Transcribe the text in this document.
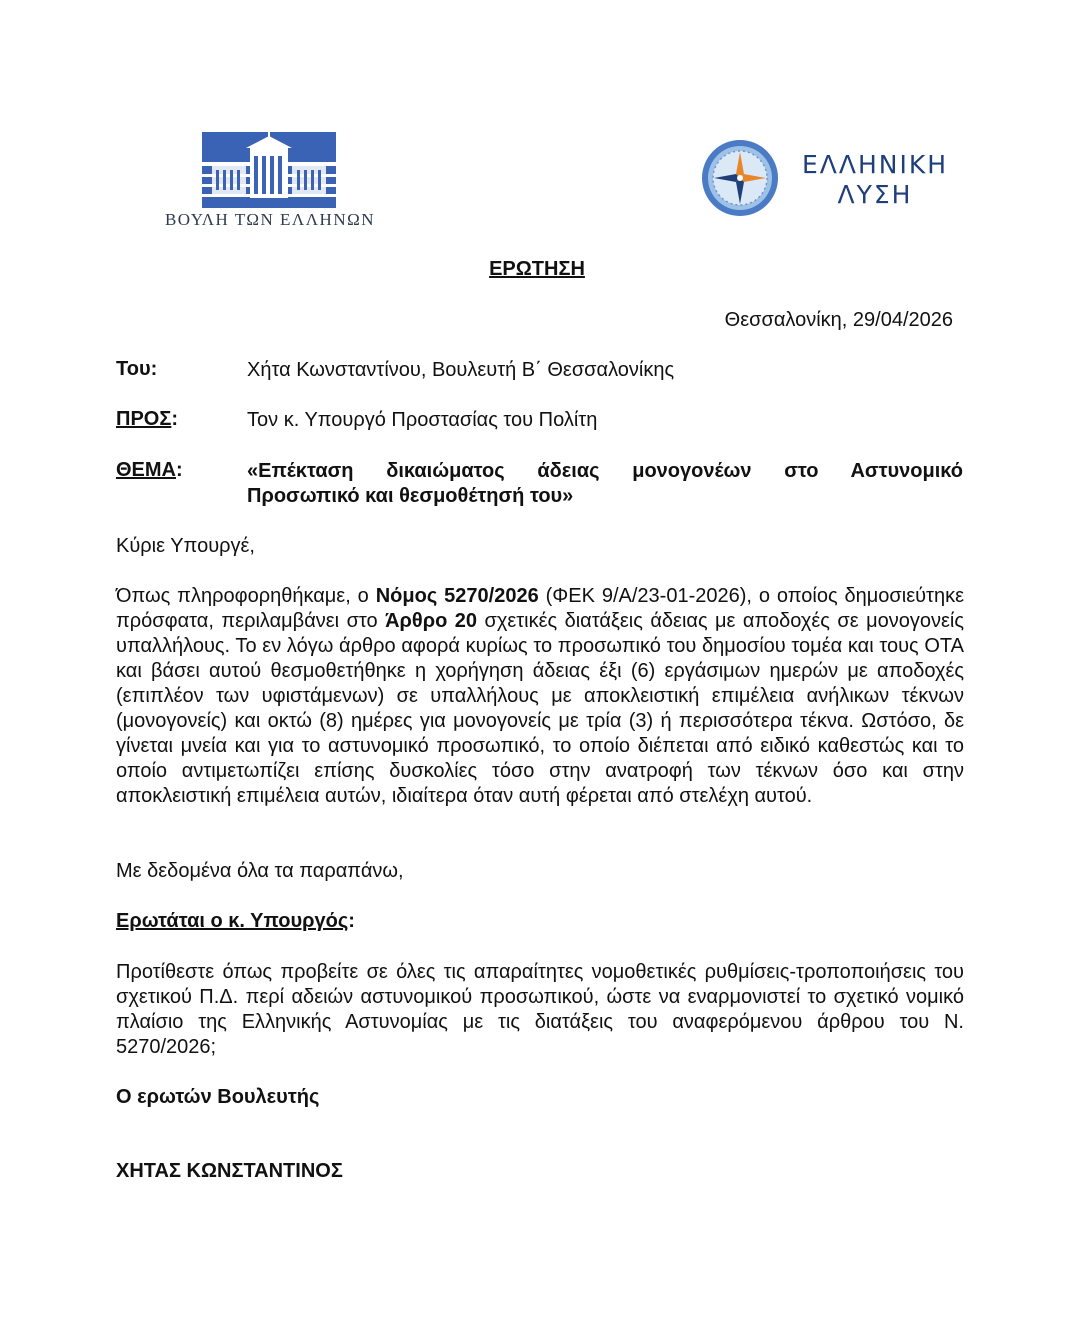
ΒΟΥΛΗ ΤΩΝ ΕΛΛΗΝΩΝ
ΕΛΛΗΝΙΚΗ
ΛΥΣΗ
ΕΡΩΤΗΣΗ
Θεσσαλονίκη, 29/04/2026
Του:	Χήτα Κωνσταντίνου, Βουλευτή Β΄ Θεσσαλονίκης
ΠΡΟΣ:	Τον κ. Υπουργό Προστασίας του Πολίτη
ΘΕΜΑ:	«Επέκταση δικαιώματος άδειας μονογονέων στο Αστυνομικό
Προσωπικό και θεσμοθέτησή του»
Κύριε Υπουργέ,
Όπως πληροφορηθήκαμε, ο Νόμος 5270/2026 (ΦΕΚ 9/Α/23-01-2026), ο οποίος δημοσιεύτηκε πρόσφατα, περιλαμβάνει στο Άρθρο 20 σχετικές διατάξεις άδειας με αποδοχές σε μονογονείς υπαλλήλους. Το εν λόγω άρθρο αφορά κυρίως το προσωπικό του δημοσίου τομέα και τους ΟΤΑ και βάσει αυτού θεσμοθετήθηκε η χορήγηση άδειας έξι (6) εργάσιμων ημερών με αποδοχές (επιπλέον των υφιστάμενων) σε υπαλλήλους με αποκλειστική επιμέλεια ανήλικων τέκνων (μονογονείς) και οκτώ (8) ημέρες για μονογονείς με τρία (3) ή περισσότερα τέκνα. Ωστόσο, δε γίνεται μνεία και για το αστυνομικό προσωπικό, το οποίο διέπεται από ειδικό καθεστώς και το οποίο αντιμετωπίζει επίσης δυσκολίες τόσο στην ανατροφή των τέκνων όσο και στην αποκλειστική επιμέλεια αυτών, ιδιαίτερα όταν αυτή φέρεται από στελέχη αυτού.
Με δεδομένα όλα τα παραπάνω,
Ερωτάται ο κ. Υπουργός:
Προτίθεστε όπως προβείτε σε όλες τις απαραίτητες νομοθετικές ρυθμίσεις-τροποποιήσεις του σχετικού Π.Δ. περί αδειών αστυνομικού προσωπικού, ώστε να εναρμονιστεί το σχετικό νομικό πλαίσιο της Ελληνικής Αστυνομίας με τις διατάξεις του αναφερόμενου άρθρου του Ν. 5270/2026;
Ο ερωτών Βουλευτής
ΧΗΤΑΣ ΚΩΝΣΤΑΝΤΙΝΟΣ
